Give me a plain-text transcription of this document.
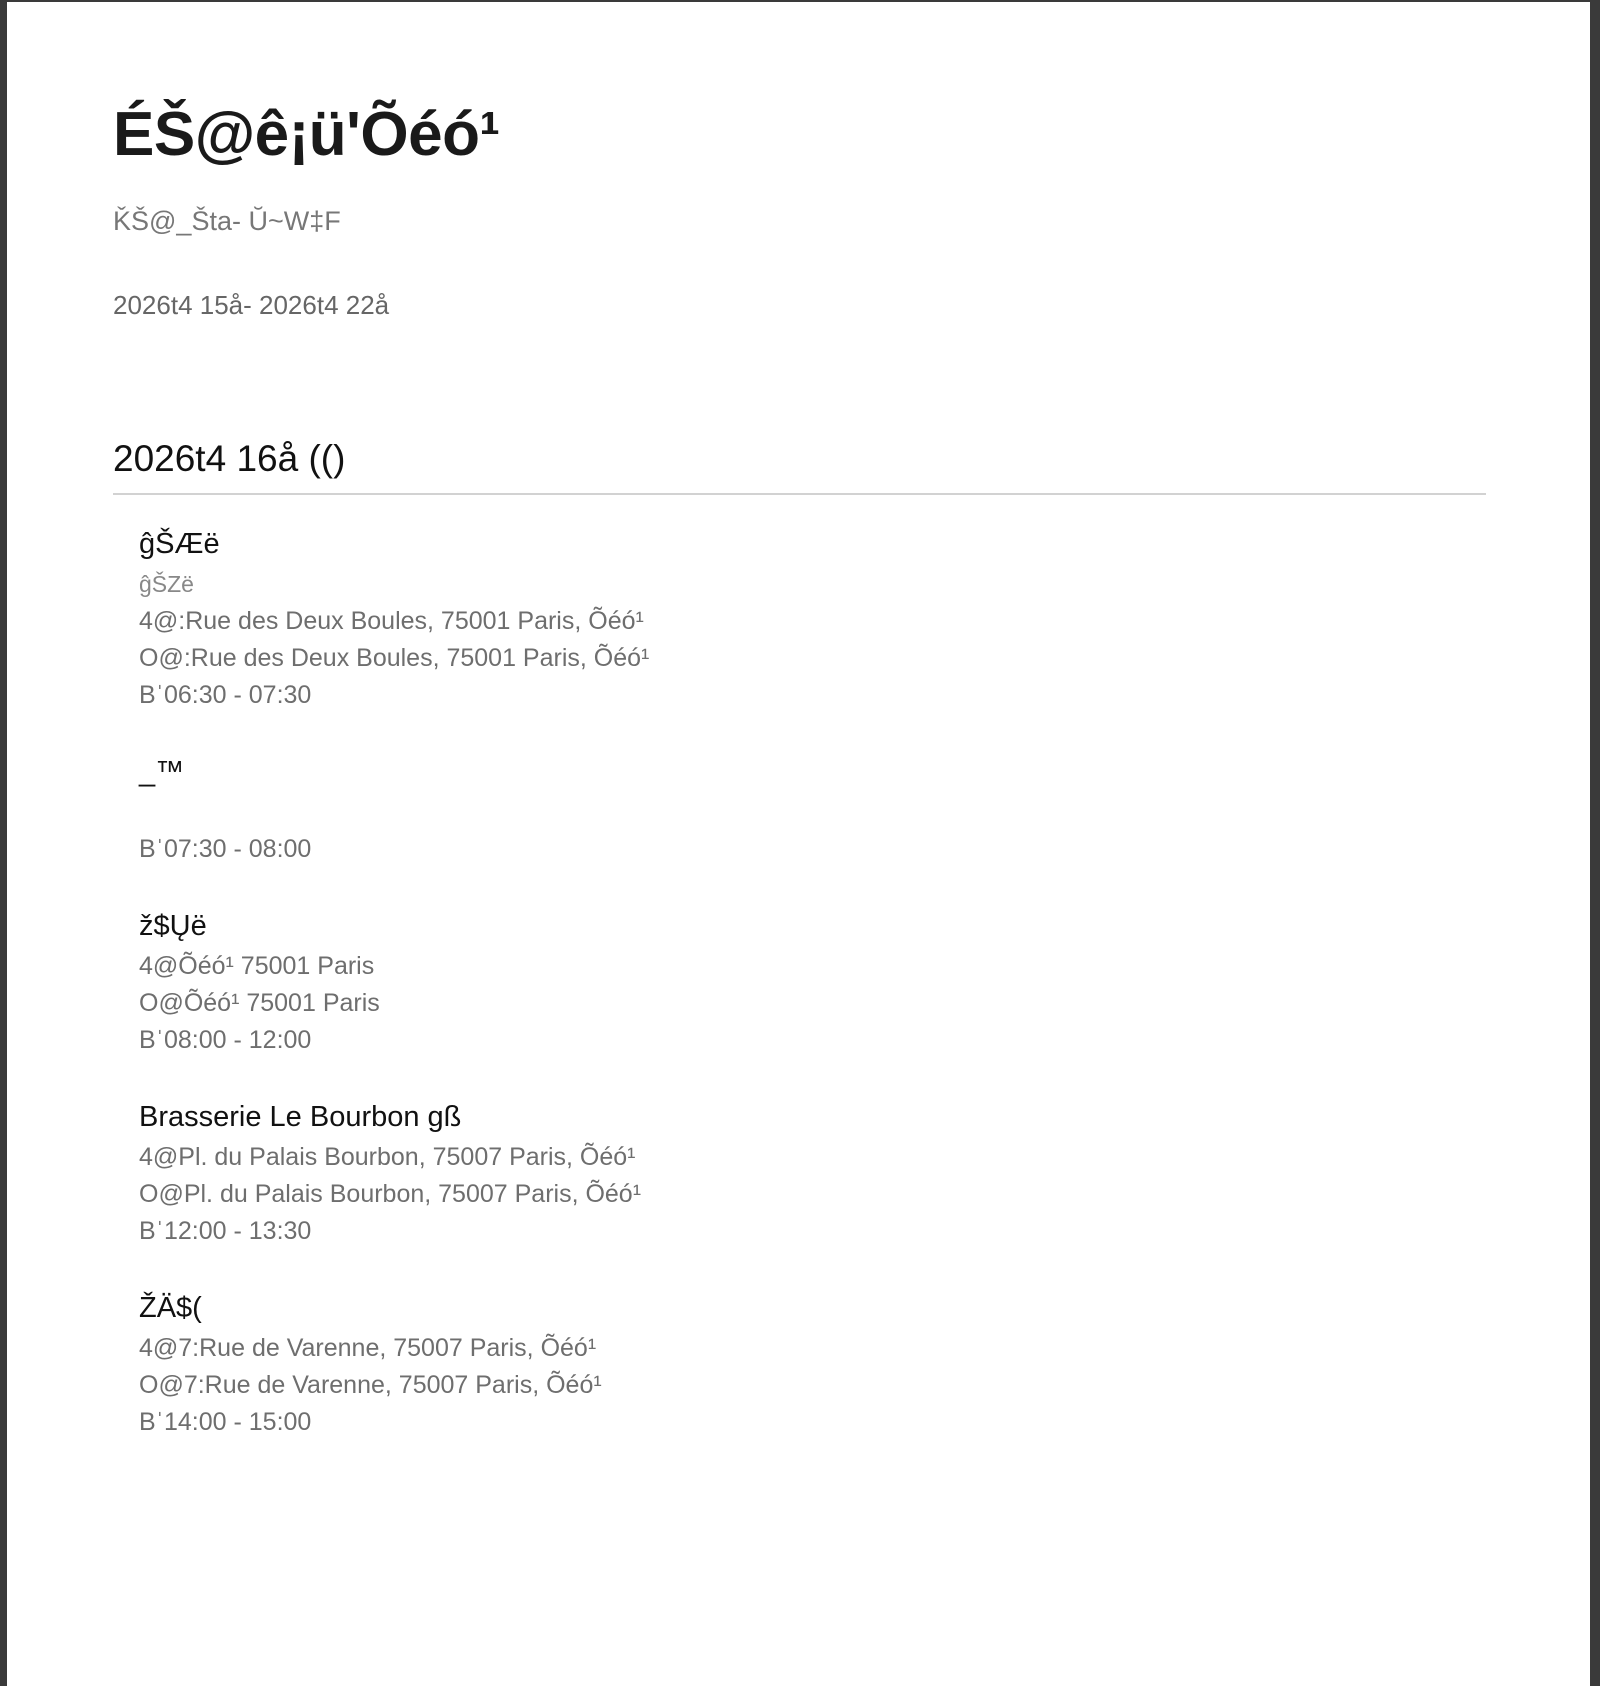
ÉŠ@ê¡ü'Õéó¹
ǨŠ@_Šta- Ŭ~W‡F
2026t4 15å- 2026t4 22å
2026t4 16å (()
ĝŠÆë
ĝŠZë
4@:Rue des Deux Boules, 75001 Paris, Õéó¹
O@:Rue des Deux Boules, 75001 Paris, Õéó¹
Bˈ06:30 - 07:30
_™
Bˈ07:30 - 08:00
ž$Ųë
4@Õéó¹ 75001 Paris
O@Õéó¹ 75001 Paris
Bˈ08:00 - 12:00
Brasserie Le Bourbon gß
4@Pl. du Palais Bourbon, 75007 Paris, Õéó¹
O@Pl. du Palais Bourbon, 75007 Paris, Õéó¹
Bˈ12:00 - 13:30
ŽÄ$(
4@7:Rue de Varenne, 75007 Paris, Õéó¹
O@7:Rue de Varenne, 75007 Paris, Õéó¹
Bˈ14:00 - 15:00
